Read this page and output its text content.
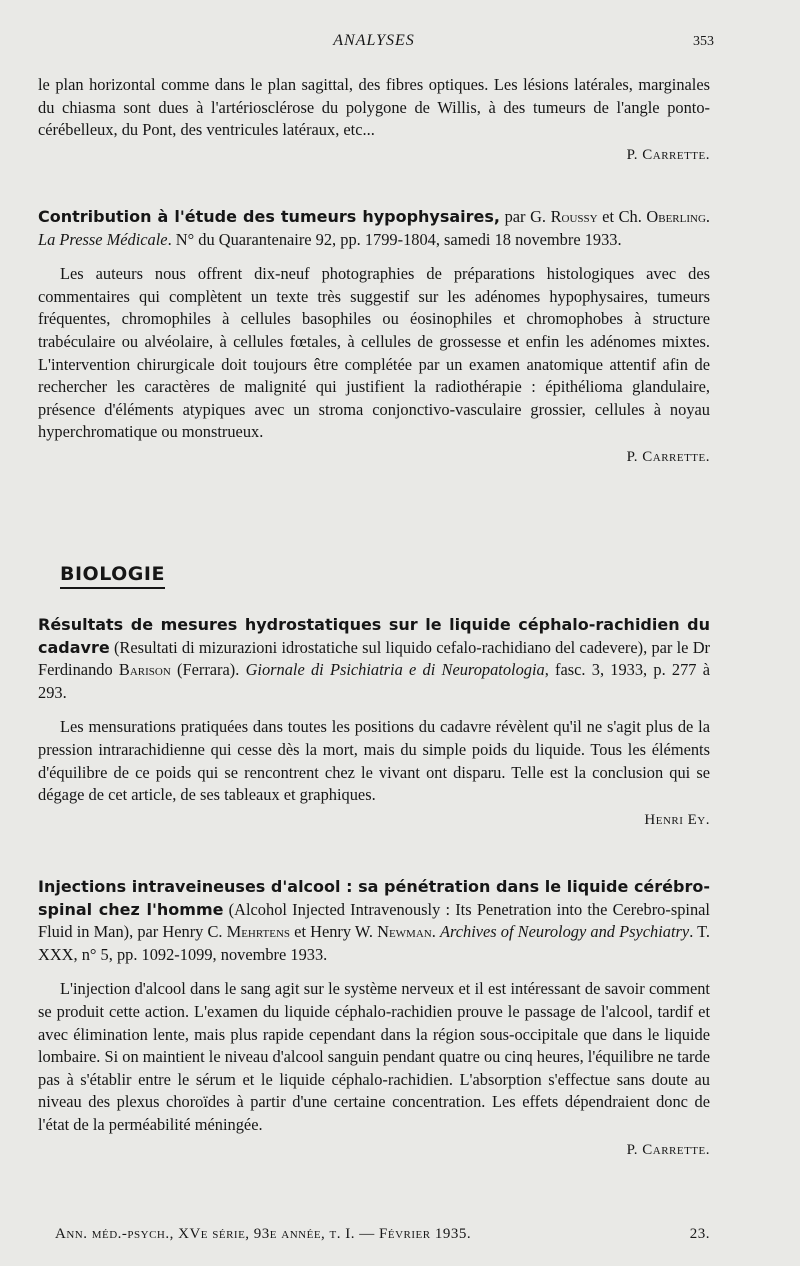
ANALYSES	353

le plan horizontal comme dans le plan sagittal, des fibres optiques. Les lésions latérales, marginales du chiasma sont dues à l'artériosclérose du polygone de Willis, à des tumeurs de l'angle ponto-cérébelleux, du Pont, des ventricules latéraux, etc...

P. Carrette.

Contribution à l'étude des tumeurs hypophysaires, par G. Roussy et Ch. Oberling. La Presse Médicale. N° du Quarantenaire 92, pp. 1799-1804, samedi 18 novembre 1933.

Les auteurs nous offrent dix-neuf photographies de préparations histologiques avec des commentaires qui complètent un texte très suggestif sur les adénomes hypophysaires, tumeurs fréquentes, chromophiles à cellules basophiles ou éosinophiles et chromophobes à structure trabéculaire ou alvéolaire, à cellules fœtales, à cellules de grossesse et enfin les adénomes mixtes. L'intervention chirurgicale doit toujours être complétée par un examen anatomique attentif afin de rechercher les caractères de malignité qui justifient la radiothérapie : épithélioma glandulaire, présence d'éléments atypiques avec un stroma conjonctivo-vasculaire grossier, cellules à noyau hyperchromatique ou monstrueux.

P. Carrette.

BIOLOGIE

Résultats de mesures hydrostatiques sur le liquide céphalo-rachidien du cadavre (Resultati di mizurazioni idrostatiche sul liquido cefalo-rachidiano del cadevere), par le Dr Ferdinando Barison (Ferrara). Giornale di Psichiatria e di Neuropatologia, fasc. 3, 1933, p. 277 à 293.

Les mensurations pratiquées dans toutes les positions du cadavre révèlent qu'il ne s'agit plus de la pression intrarachidienne qui cesse dès la mort, mais du simple poids du liquide. Tous les éléments d'équilibre de ce poids qui se rencontrent chez le vivant ont disparu. Telle est la conclusion qui se dégage de cet article, de ses tableaux et graphiques.

Henri Ey.

Injections intraveineuses d'alcool : sa pénétration dans le liquide cérébro-spinal chez l'homme (Alcohol Injected Intravenously : Its Penetration into the Cerebro-spinal Fluid in Man), par Henry C. Mehrtens et Henry W. Newman. Archives of Neurology and Psychiatry. T. XXX, n° 5, pp. 1092-1099, novembre 1933.

L'injection d'alcool dans le sang agit sur le système nerveux et il est intéressant de savoir comment se produit cette action. L'examen du liquide céphalo-rachidien prouve le passage de l'alcool, tardif et avec élimination lente, mais plus rapide cependant dans la région sous-occipitale que dans le liquide lombaire. Si on maintient le niveau d'alcool sanguin pendant quatre ou cinq heures, l'équilibre ne tarde pas à s'établir entre le sérum et le liquide céphalo-rachidien. L'absorption s'effectue sans doute au niveau des plexus choroïdes à partir d'une certaine concentration. Les effets dépendraient donc de l'état de la perméabilité méningée.

P. Carrette.

Ann. méd.-psych., XVe série, 93e année, t. I. — Février 1935.	23.
